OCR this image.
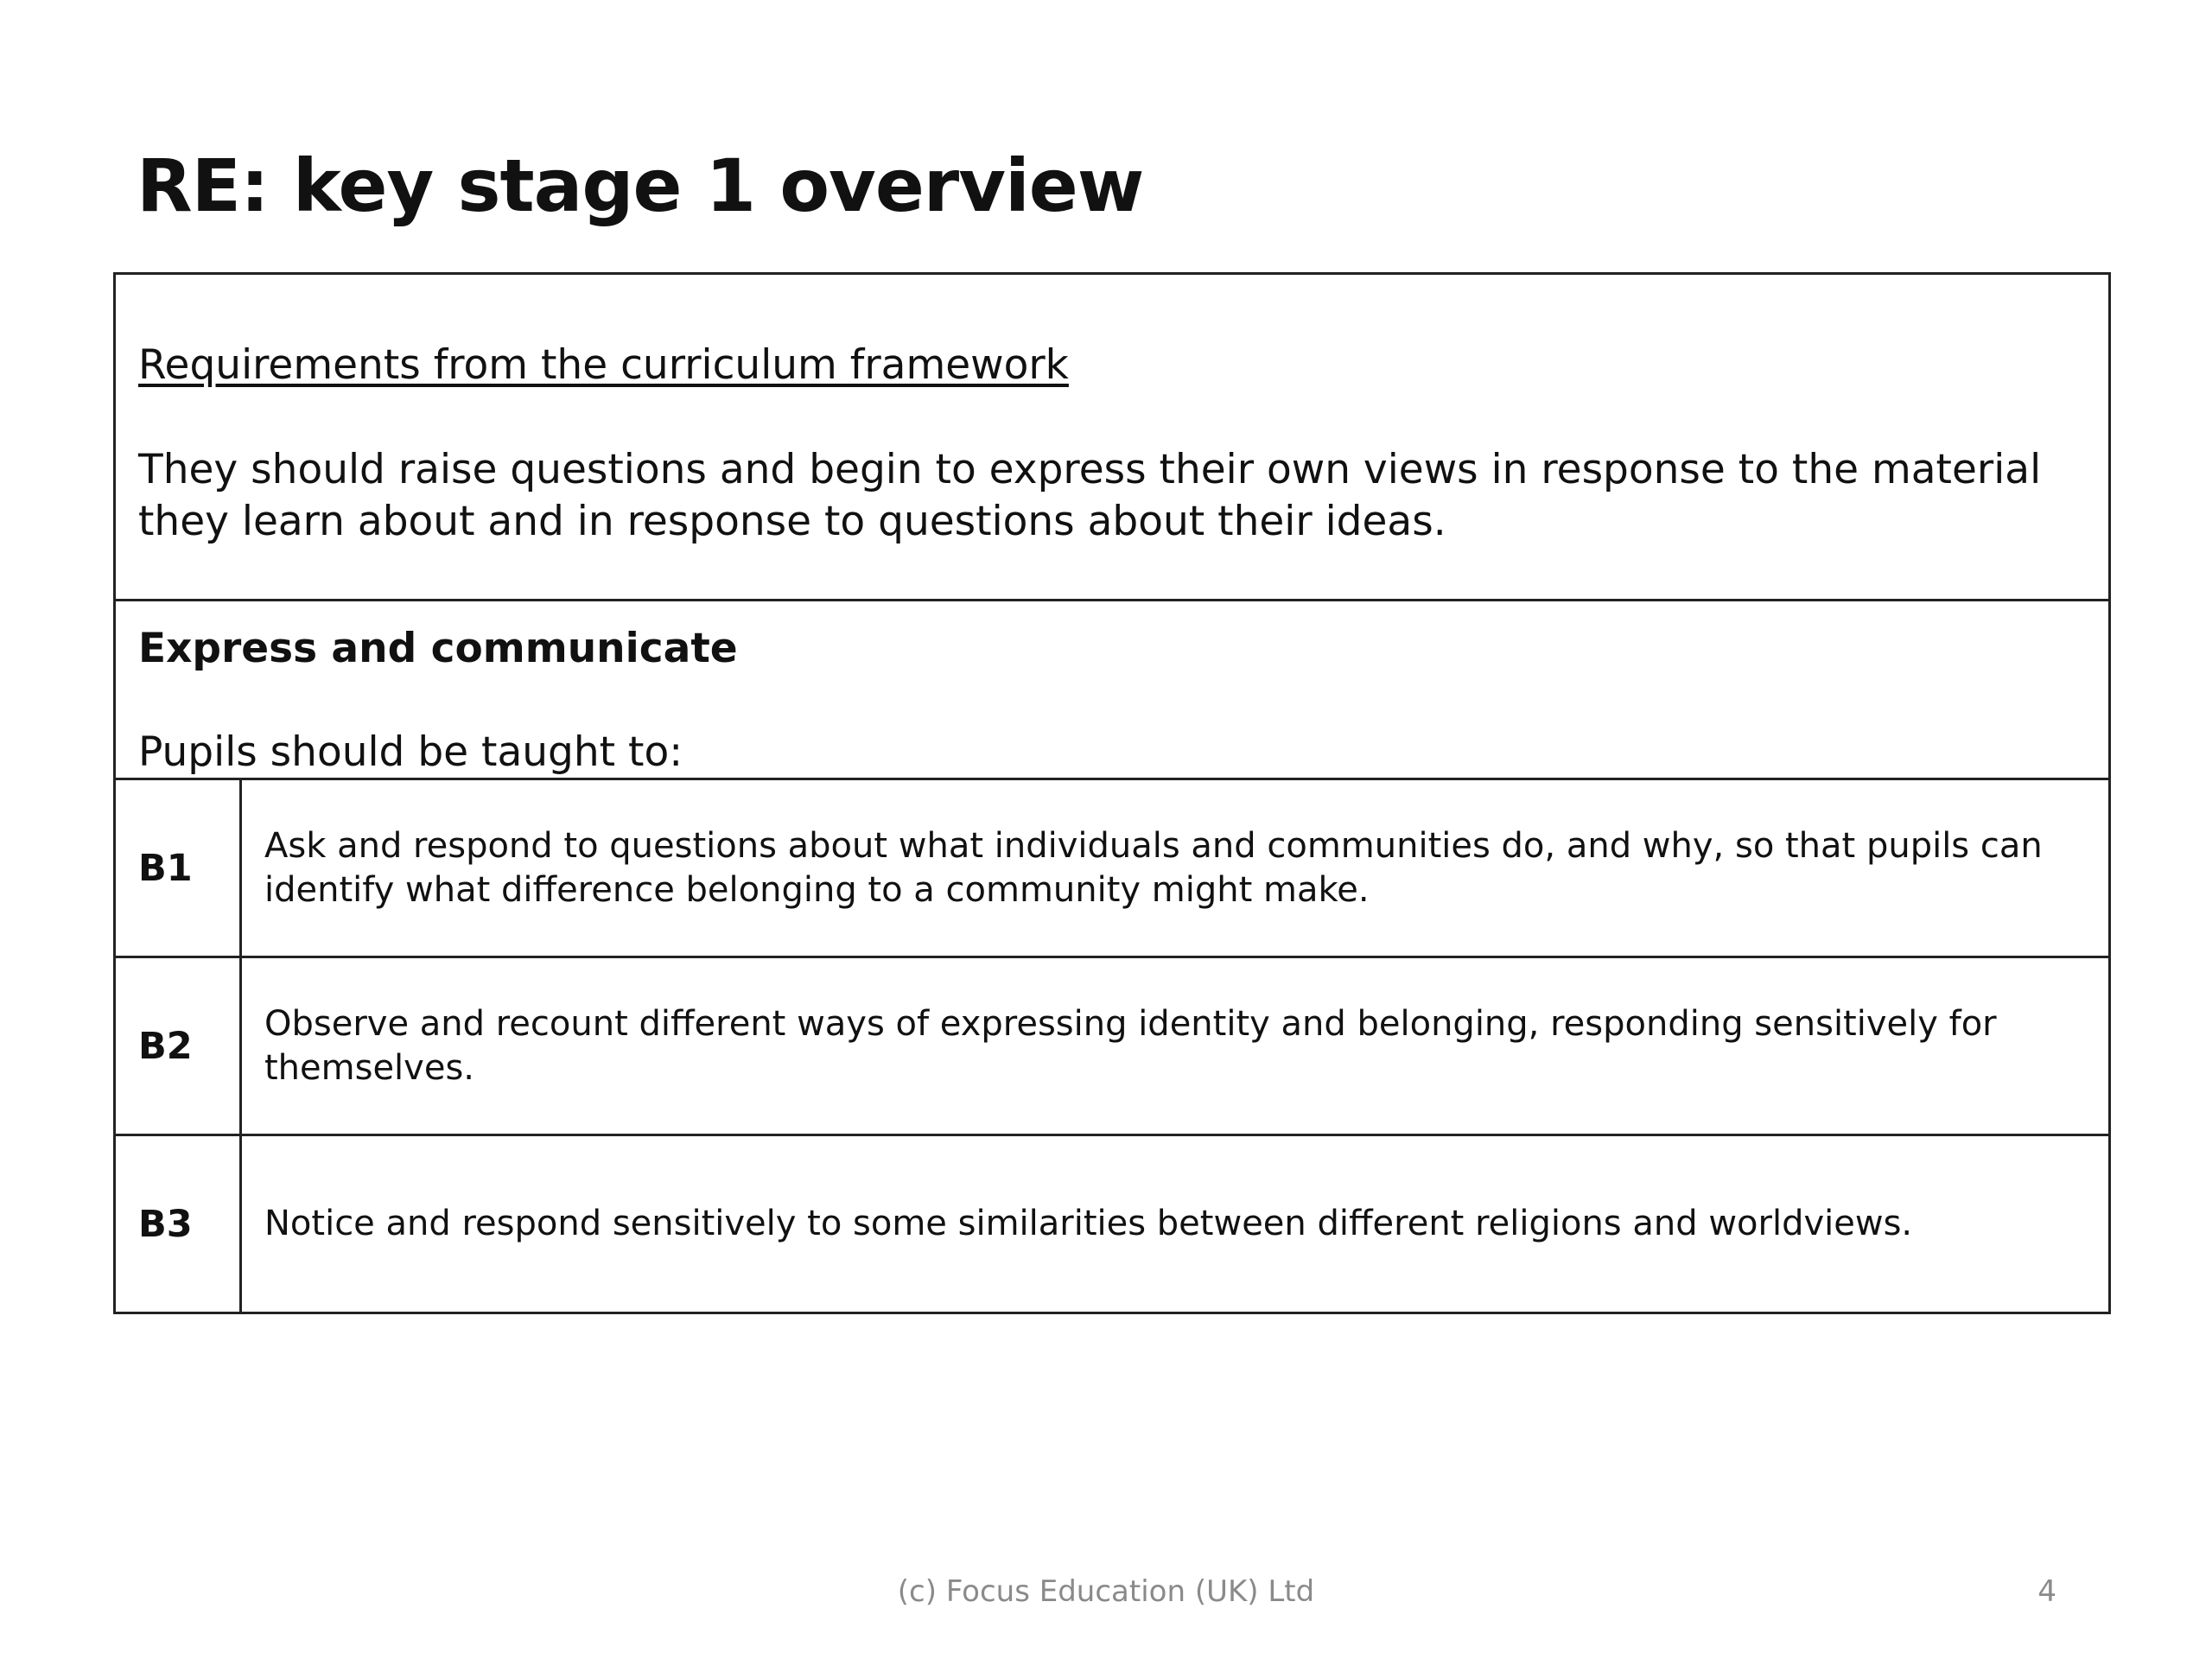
RE: key stage 1 overview
Requirements from the curriculum framework
They should raise questions and begin to express their own views in response to the material they learn about and in response to questions about their ideas.
Express and communicate
Pupils should be taught to:
B1
Ask and respond to questions about what individuals and communities do, and why, so that pupils can identify what difference belonging to a community might make.
B2
Observe and recount different ways of expressing identity and belonging, responding sensitively for themselves.
B3 Notice and respond sensitively to some similarities between different religions and worldviews.
(c) Focus Education (UK) Ltd	4
